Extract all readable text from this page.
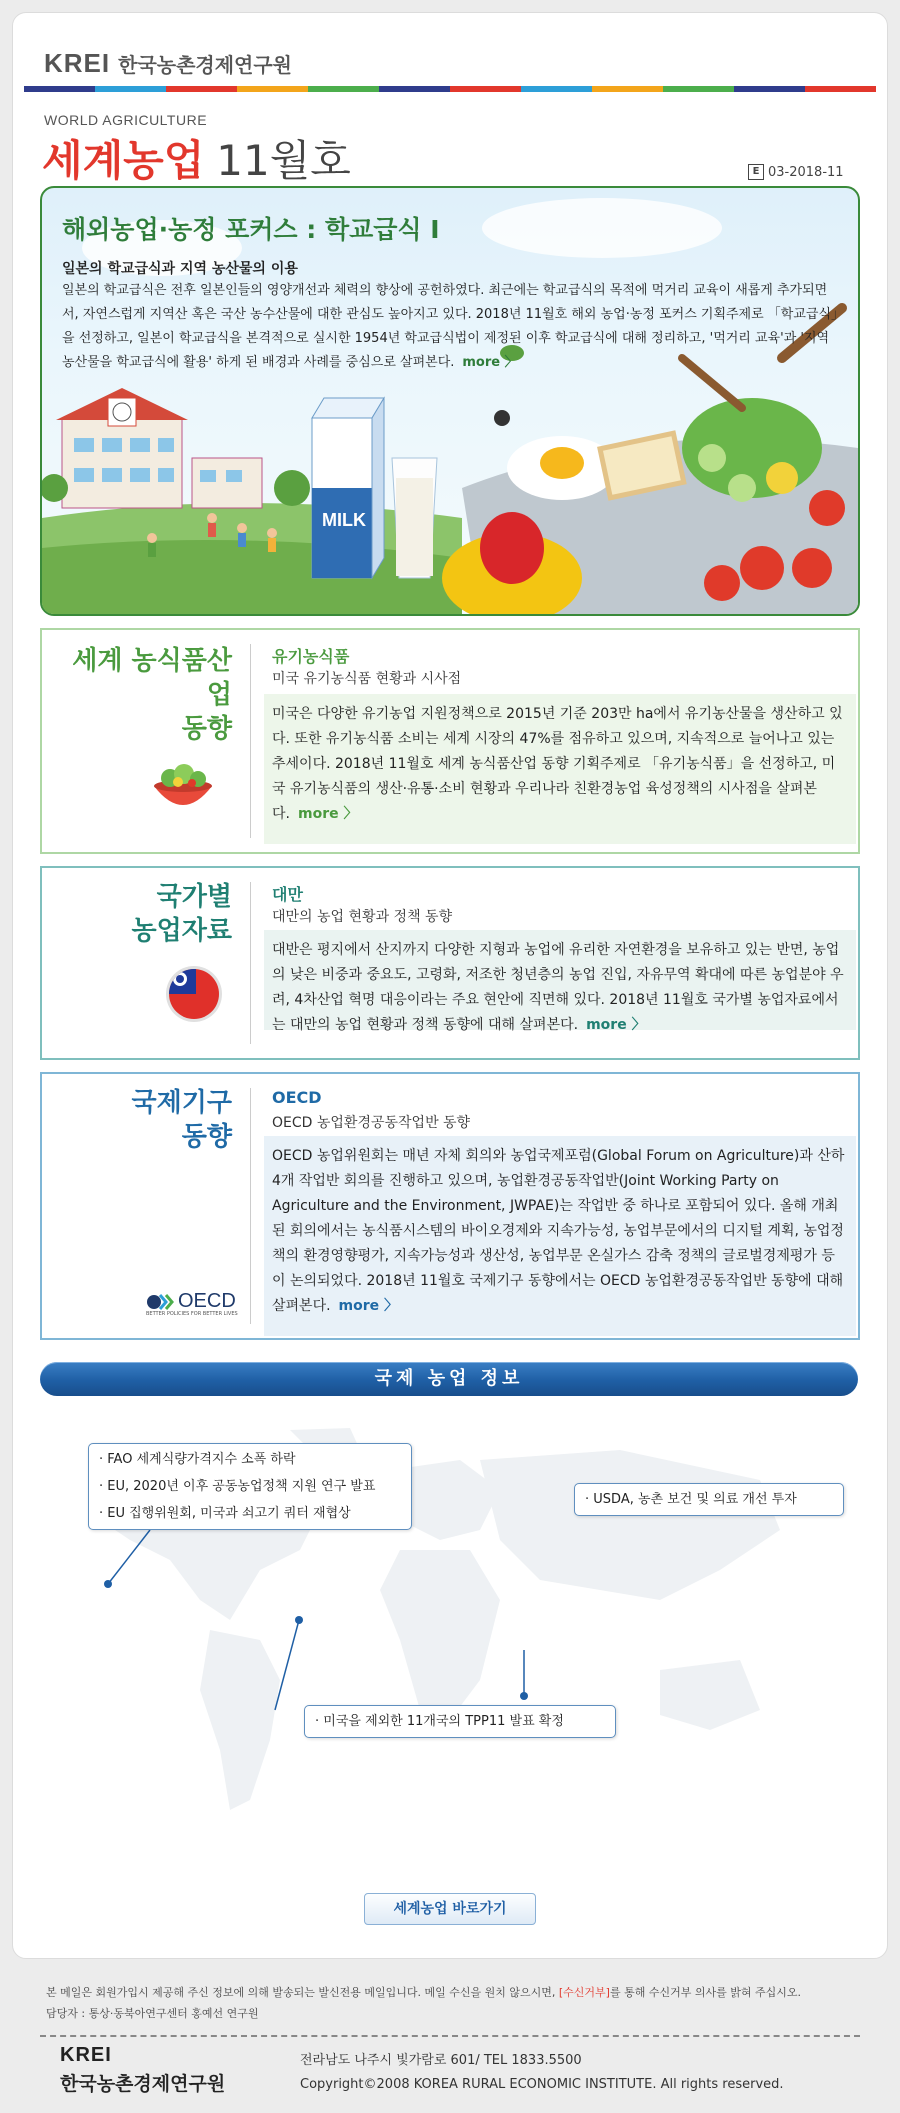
KREI 한국농촌경제연구원
WORLD AGRICULTURE
세계농업 11월호	E 03-2018-11
MILK
해외농업·농정 포커스 : 학교급식 Ⅰ
일본의 학교급식과 지역 농산물의 이용
일본의 학교급식은 전후 일본인들의 영양개선과 체력의 향상에 공헌하였다. 최근에는 학교급식의 목적에 먹거리 교육이 새롭게 추가되면서, 자연스럽게 지역산 혹은 국산 농수산물에 대한 관심도 높아지고 있다. 2018년 11월호 해외 농업·농정 포커스 기획주제로 「학교급식」을 선정하고, 일본이 학교급식을 본격적으로 실시한 1954년 학교급식법이 제정된 이후 학교급식에 대해 정리하고, '먹거리 교육'과 '지역 농산물을 학교급식에 활용' 하게 된 배경과 사례를 중심으로 살펴본다. more 〉
세계 농식품산업
동향
유기농식품
미국 유기농식품 현황과 시사점
미국은 다양한 유기농업 지원정책으로 2015년 기준 203만 ha에서 유기농산물을 생산하고 있다. 또한 유기농식품 소비는 세계 시장의 47%를 점유하고 있으며, 지속적으로 늘어나고 있는 추세이다. 2018년 11월호 세계 농식품산업 동향 기획주제로 「유기농식품」을 선정하고, 미국 유기농식품의 생산·유통·소비 현황과 우리나라 친환경농업 육성정책의 시사점을 살펴본다. more 〉
국가별
농업자료
대만
대만의 농업 현황과 정책 동향
대반은 평지에서 산지까지 다양한 지형과 농업에 유리한 자연환경을 보유하고 있는 반면, 농업의 낮은 비중과 중요도, 고령화, 저조한 청년층의 농업 진입, 자유무역 확대에 따른 농업분야 우려, 4차산업 혁명 대응이라는 주요 현안에 직면해 있다. 2018년 11월호 국가별 농업자료에서는 대만의 농업 현황과 정책 동향에 대해 살펴본다. more 〉
국제기구
동향
OECD
BETTER POLICIES FOR BETTER LIVES
OECD
OECD 농업환경공동작업반 동향
OECD 농업위원회는 매년 자체 회의와 농업국제포럼(Global Forum on Agriculture)과 산하 4개 작업반 회의를 진행하고 있으며, 농업환경공동작업반(Joint Working Party on Agriculture and the Environment, JWPAE)는 작업반 중 하나로 포함되어 있다. 올해 개최된 회의에서는 농식품시스템의 바이오경제와 지속가능성, 농업부문에서의 디지털 계획, 농업정책의 환경영향평가, 지속가능성과 생산성, 농업부문 온실가스 감축 정책의 글로벌경제평가 등이 논의되었다. 2018년 11월호 국제기구 동향에서는 OECD 농업환경공동작업반 동향에 대해 살펴본다. more 〉
국제 농업 정보
· FAO 세계식량가격지수 소폭 하락
· EU, 2020년 이후 공동농업정책 지원 연구 발표
· EU 집행위원회, 미국과 쇠고기 쿼터 재협상
· USDA, 농촌 보건 및 의료 개선 투자
· 미국을 제외한 11개국의 TPP11 발표 확정
세계농업 바로가기
본 메일은 회원가입시 제공해 주신 정보에 의해 발송되는 발신전용 메일입니다. 메일 수신을 원치 않으시면, [수신거부]를 통해 수신거부 의사를 밝혀 주십시오.
담당자 : 통상·동북아연구센터 홍예선 연구원
KREI
한국농촌경제연구원
전라남도 나주시 빛가람로 601/ TEL 1833.5500
Copyright©2008 KOREA RURAL ECONOMIC INSTITUTE. All rights reserved.
